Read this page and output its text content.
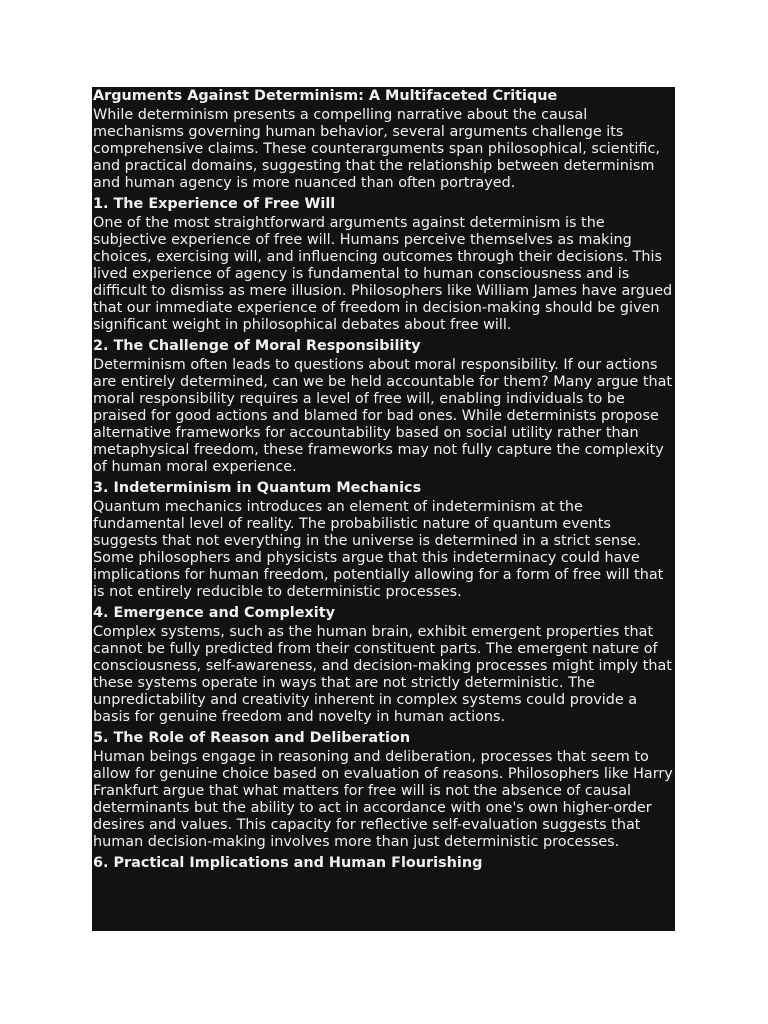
Arguments Against Determinism: A Multifaceted Critique

While determinism presents a compelling narrative about the causal mechanisms governing human behavior, several arguments challenge its comprehensive claims. These counterarguments span philosophical, scientific, and practical domains, suggesting that the relationship between determinism and human agency is more nuanced than often portrayed.

1. The Experience of Free Will

One of the most straightforward arguments against determinism is the subjective experience of free will. Humans perceive themselves as making choices, exercising will, and influencing outcomes through their decisions. This lived experience of agency is fundamental to human consciousness and is difficult to dismiss as mere illusion. Philosophers like William James have argued that our immediate experience of freedom in decision-making should be given significant weight in philosophical debates about free will.

2. The Challenge of Moral Responsibility

Determinism often leads to questions about moral responsibility. If our actions are entirely determined, can we be held accountable for them? Many argue that moral responsibility requires a level of free will, enabling individuals to be praised for good actions and blamed for bad ones. While determinists propose alternative frameworks for accountability based on social utility rather than metaphysical freedom, these frameworks may not fully capture the complexity of human moral experience.

3. Indeterminism in Quantum Mechanics

Quantum mechanics introduces an element of indeterminism at the fundamental level of reality. The probabilistic nature of quantum events suggests that not everything in the universe is determined in a strict sense. Some philosophers and physicists argue that this indeterminacy could have implications for human freedom, potentially allowing for a form of free will that is not entirely reducible to deterministic processes.

4. Emergence and Complexity

Complex systems, such as the human brain, exhibit emergent properties that cannot be fully predicted from their constituent parts. The emergent nature of consciousness, self-awareness, and decision-making processes might imply that these systems operate in ways that are not strictly deterministic. The unpredictability and creativity inherent in complex systems could provide a basis for genuine freedom and novelty in human actions.

5. The Role of Reason and Deliberation

Human beings engage in reasoning and deliberation, processes that seem to allow for genuine choice based on evaluation of reasons. Philosophers like Harry Frankfurt argue that what matters for free will is not the absence of causal determinants but the ability to act in accordance with one's own higher-order desires and values. This capacity for reflective self-evaluation suggests that human decision-making involves more than just deterministic processes.

6. Practical Implications and Human Flourishing
